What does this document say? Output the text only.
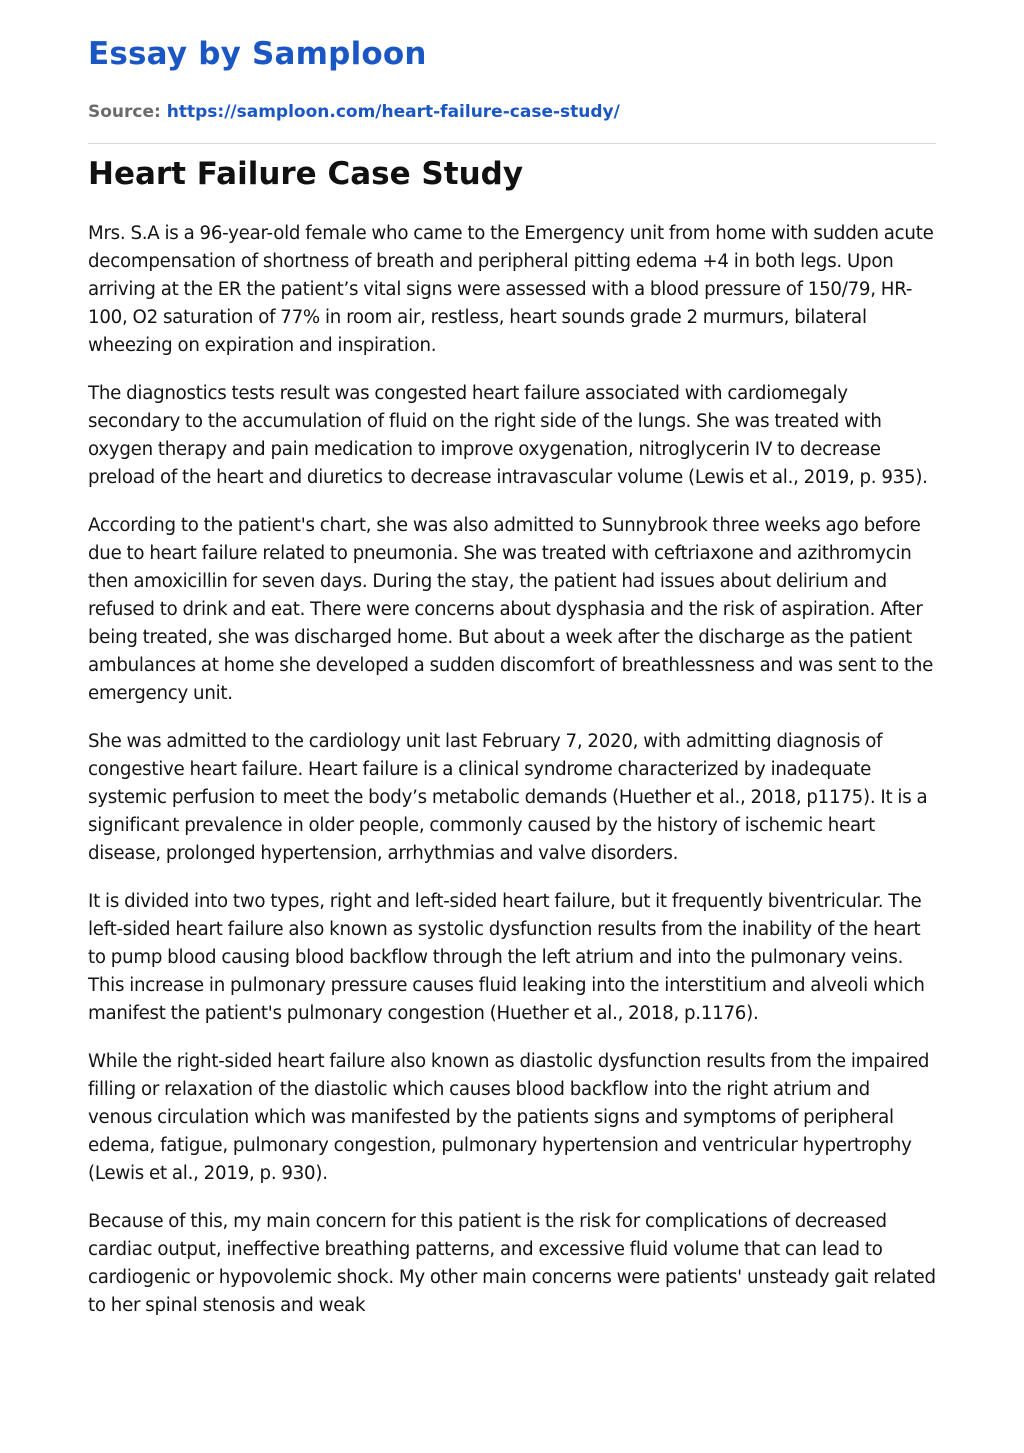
Essay by Samploon
Source: https://samploon.com/heart-failure-case-study/
Heart Failure Case Study

Mrs. S.A is a 96-year-old female who came to the Emergency unit from home with sudden acute decompensation of shortness of breath and peripheral pitting edema +4 in both legs. Upon arriving at the ER the patient’s vital signs were assessed with a blood pressure of 150/79, HR- 100, O2 saturation of 77% in room air, restless, heart sounds grade 2 murmurs, bilateral wheezing on expiration and inspiration.

The diagnostics tests result was congested heart failure associated with cardiomegaly secondary to the accumulation of fluid on the right side of the lungs. She was treated with oxygen therapy and pain medication to improve oxygenation, nitroglycerin IV to decrease preload of the heart and diuretics to decrease intravascular volume (Lewis et al., 2019, p. 935).

According to the patient's chart, she was also admitted to Sunnybrook three weeks ago before due to heart failure related to pneumonia. She was treated with ceftriaxone and azithromycin then amoxicillin for seven days. During the stay, the patient had issues about delirium and refused to drink and eat. There were concerns about dysphasia and the risk of aspiration. After being treated, she was discharged home. But about a week after the discharge as the patient ambulances at home she developed a sudden discomfort of breathlessness and was sent to the emergency unit.

She was admitted to the cardiology unit last February 7, 2020, with admitting diagnosis of congestive heart failure. Heart failure is a clinical syndrome characterized by inadequate systemic perfusion to meet the body’s metabolic demands (Huether et al., 2018, p1175). It is a significant prevalence in older people, commonly caused by the history of ischemic heart disease, prolonged hypertension, arrhythmias and valve disorders.

It is divided into two types, right and left-sided heart failure, but it frequently biventricular. The left-sided heart failure also known as systolic dysfunction results from the inability of the heart to pump blood causing blood backflow through the left atrium and into the pulmonary veins. This increase in pulmonary pressure causes fluid leaking into the interstitium and alveoli which manifest the patient's pulmonary congestion (Huether et al., 2018, p.1176).

While the right-sided heart failure also known as diastolic dysfunction results from the impaired filling or relaxation of the diastolic which causes blood backflow into the right atrium and venous circulation which was manifested by the patients signs and symptoms of peripheral edema, fatigue, pulmonary congestion, pulmonary hypertension and ventricular hypertrophy (Lewis et al., 2019, p. 930).

Because of this, my main concern for this patient is the risk for complications of decreased cardiac output, ineffective breathing patterns, and excessive fluid volume that can lead to cardiogenic or hypovolemic shock. My other main concerns were patients' unsteady gait related to her spinal stenosis and weak
